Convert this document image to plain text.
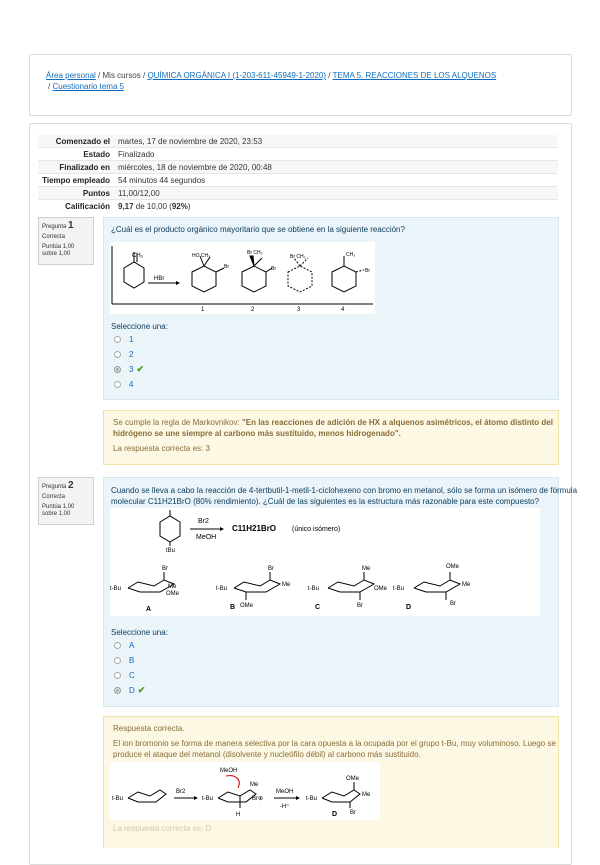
Área personal / Mis cursos / QUÍMICA ORGÁNICA I (1-203-611-45949-1-2020) / TEMA 5. REACCIONES DE LOS ALQUENOS
/ Cuestionario tema 5
Comenzado el	martes, 17 de noviembre de 2020, 23:53
Estado	Finalizado
Finalizado en	miércoles, 18 de noviembre de 2020, 00:48
Tiempo empleado	54 minutos 44 segundos
Puntos	11,00/12,00
Calificación	9,17 de 10,00 (92%)
Pregunta 1
Correcta
Puntúa 1,00
sobre 1,00
¿Cuál es el producto orgánico mayoritario que se obtiene en la siguiente reacción?
CH₃
HBr
HO CH₃
Br
Br CH₃
Br
Br CH₃	CH₃
Br
1	2	3	4
Seleccione una:
1
2
3 ✔
4
Se cumple la regla de Markovnikov: "En las reacciones de adición de HX a alquenos asimétricos, el átomo distinto del
hidrógeno se une siempre al carbono más sustituido, menos hidrogenado".
La respuesta correcta es: 3
Pregunta 2
Correcta
Puntúa 1,00
sobre 1,00
Cuando se lleva a cabo la reacción de 4-tertbutil-1-metil-1-ciclohexeno con bromo en metanol, sólo se forma un isómero de fórmula
molecular C11H21BrO (80% rendimiento). ¿Cuál de las siguientes es la estructura más razonable para este compuesto?
tBu
Br2
MeOH
C11H21BrO (único isómero)
t-Bu
Br
Me
OMe
A
t-Bu
Br
Me
OMe
B
t-Bu
Me
OMe
Br
C
t-Bu
OMe
Me
D	Br
Seleccione una:
A
B
C
D ✔
Respuesta correcta.
El ion bromonio se forma de manera selectiva por la cara opuesta a la ocupada por el grupo t-Bu, muy voluminoso. Luego se
produce el ataque del metanol (disolvente y nucleófilo débil) al carbono más sustituido.
La respuesta correcta es: D
t-Bu
Br2
t-Bu
MeOH
Me
Br⊕
H
MeOH
-H⁺
t-Bu
OMe
Me
D Br
